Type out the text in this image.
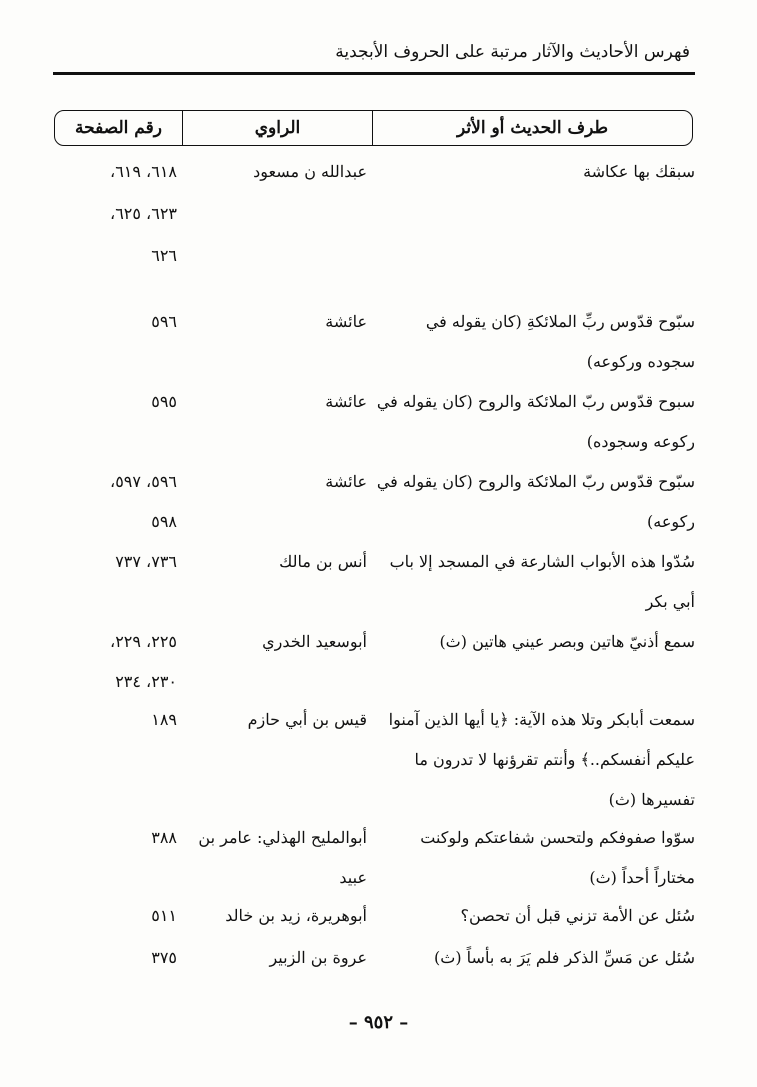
فهرس الأحاديث والآثار مرتبة على الحروف الأبجدية
طرف الحديث أو الأثر
الراوي
رقم الصفحة
سبقك بها عكاشة
عبدالله ن مسعود
٦١٨، ٦١٩،
٦٢٣، ٦٢٥،
٦٢٦
سبّوح قدّوس ربِّ الملائكةِ (كان يقوله في سجوده وركوعه)
عائشة
٥٩٦
سبوح قدّوس ربّ الملائكة والروح (كان يقوله في ركوعه وسجوده)
عائشة
٥٩٥
سبّوح قدّوس ربّ الملائكة والروح (كان يقوله في ركوعه)
عائشة
٥٩٦، ٥٩٧،
٥٩٨
سُدّوا هذه الأبواب الشارعة في المسجد إلا باب أبي بكر
أنس بن مالك
٧٣٦، ٧٣٧
سمع أذنيّ هاتين وبصر عيني هاتين (ث)
أبوسعيد الخدري
٢٢٥، ٢٢٩،
٢٣٠، ٢٣٤
سمعت أبابكر وتلا هذه الآية: ﴿يا أيها الذين آمنوا عليكم أنفسكم..﴾ وأنتم تقرؤنها لا تدرون ما تفسيرها (ث)
قيس بن أبي حازم
١٨٩
سوّوا صفوفكم ولتحسن شفاعتكم ولوكنت مختاراً أحداً (ث)
أبوالمليح الهذلي: عامر بن عبيد
٣٨٨
سُئل عن الأمة تزني قبل أن تحصن؟
أبوهريرة، زيد بن خالد
٥١١
سُئل عن مَسِّ الذكر فلم يَرَ به بأساً (ث)
عروة بن الزبير
٣٧٥
– ٩٥٢ –
